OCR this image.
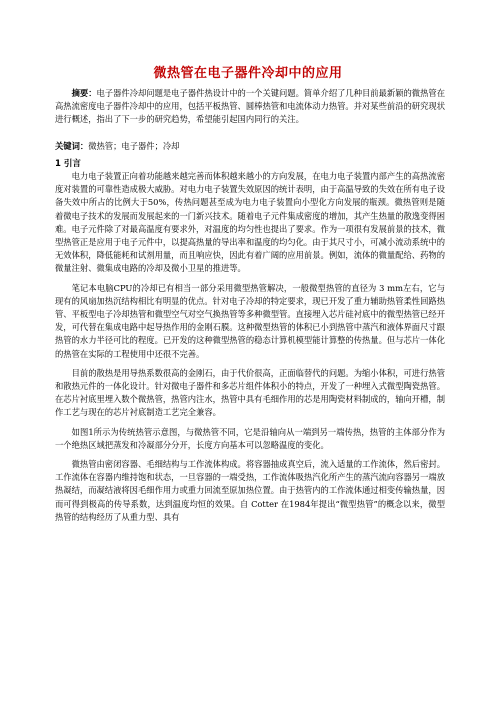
微热管在电子器件冷却中的应用
摘要：电子器件冷却问题是电子器件热设计中的一个关键问题。简单介绍了几种目前最新颖的微热管在高热流密度电子器件冷却中的应用，包括平板热管、圆棒热管和电流体动力热管。并对某些前沿的研究现状进行概述，指出了下一步的研究趋势，希望能引起国内同行的关注。
关键词：微热管；电子器件；冷却
1 引言

电力电子装置正向着功能越来越完善而体积越来越小的方向发展，在电力电子装置内部产生的高热流密度对装置的可靠性造成极大威胁。对电力电子装置失效原因的统计表明，由于高温导致的失效在所有电子设备失效中所占的比例大于50%，传热问题甚至成为电力电子装置向小型化方向发展的瓶颈。微热管则是随着微电子技术的发展而发展起来的一门新兴技术。随着电子元件集成密度的增加，其产生热量的散逸变得困难。电子元件除了对最高温度有要求外，对温度的均匀性也提出了要求。作为一项很有发展前景的技术，微型热管正是应用于电子元件中，以提高热量的导出率和温度的均匀化。由于其尺寸小，可减小流动系统中的无效体积，降低能耗和试剂用量，而且响应快，因此有着广阔的应用前景。例如，流体的微量配给、药物的微量注射、微集成电路的冷却及微小卫星的推进等。

笔记本电脑CPU的冷却已有相当一部分采用微型热管解决，一般微型热管的直径为 3 mm左右，它与现有的风扇加热沉结构相比有明显的优点。针对电子冷却的特定要求，现已开发了重力辅助热管柔性回路热管、平板型电子冷却热管和微型空气对空气换热管等多种微型管。直接埋入芯片硅衬底中的微型热管已经开发，可代替在集成电路中起导热作用的金刚石膜。这种微型热管的体积已小到热管中蒸汽和液体界面尺寸跟热管的水力半径可比的程度。已开发的这种微型热管的稳态计算机模型能计算整的传热量。但与芯片一体化的热管在实际的工程使用中还很不完善。

目前的散热是用导热系数很高的金刚石，由于代价很高，正面临替代的问题。为缩小体积，可进行热管和散热元件的一体化设计。针对微电子器件和多芯片组件体积小的特点，开发了一种埋入式微型陶瓷热管。在芯片衬底里埋入数个微热管，热管内注水，热管中具有毛细作用的芯是用陶瓷材料制成的，轴向开槽，制作工艺与现在的芯片衬底制造工艺完全兼容。

如图1所示为传统热管示意图，与微热管不同，它是沿轴向从一端到另一端传热，热管的主体部分作为一个绝热区域把蒸发和冷凝部分分开，长度方向基本可以忽略温度的变化。

微热管由密闭容器、毛细结构与工作流体构成。将容器抽成真空后，流入适量的工作流体，然后密封。工作流体在容器内维持饱和状态，一旦容器的一端受热，工作流体吸热汽化所产生的蒸汽流向容器另一端放热凝结，而凝结液将因毛细作用力或重力回流至原加热位置。由于热管内的工作流体通过相变传输热量，因而可得到极高的传导系数，达到温度均恒的效果。自 Cotter 在1984年提出“微型热管”的概念以来，微型热管的结构经历了从重力型、具有
